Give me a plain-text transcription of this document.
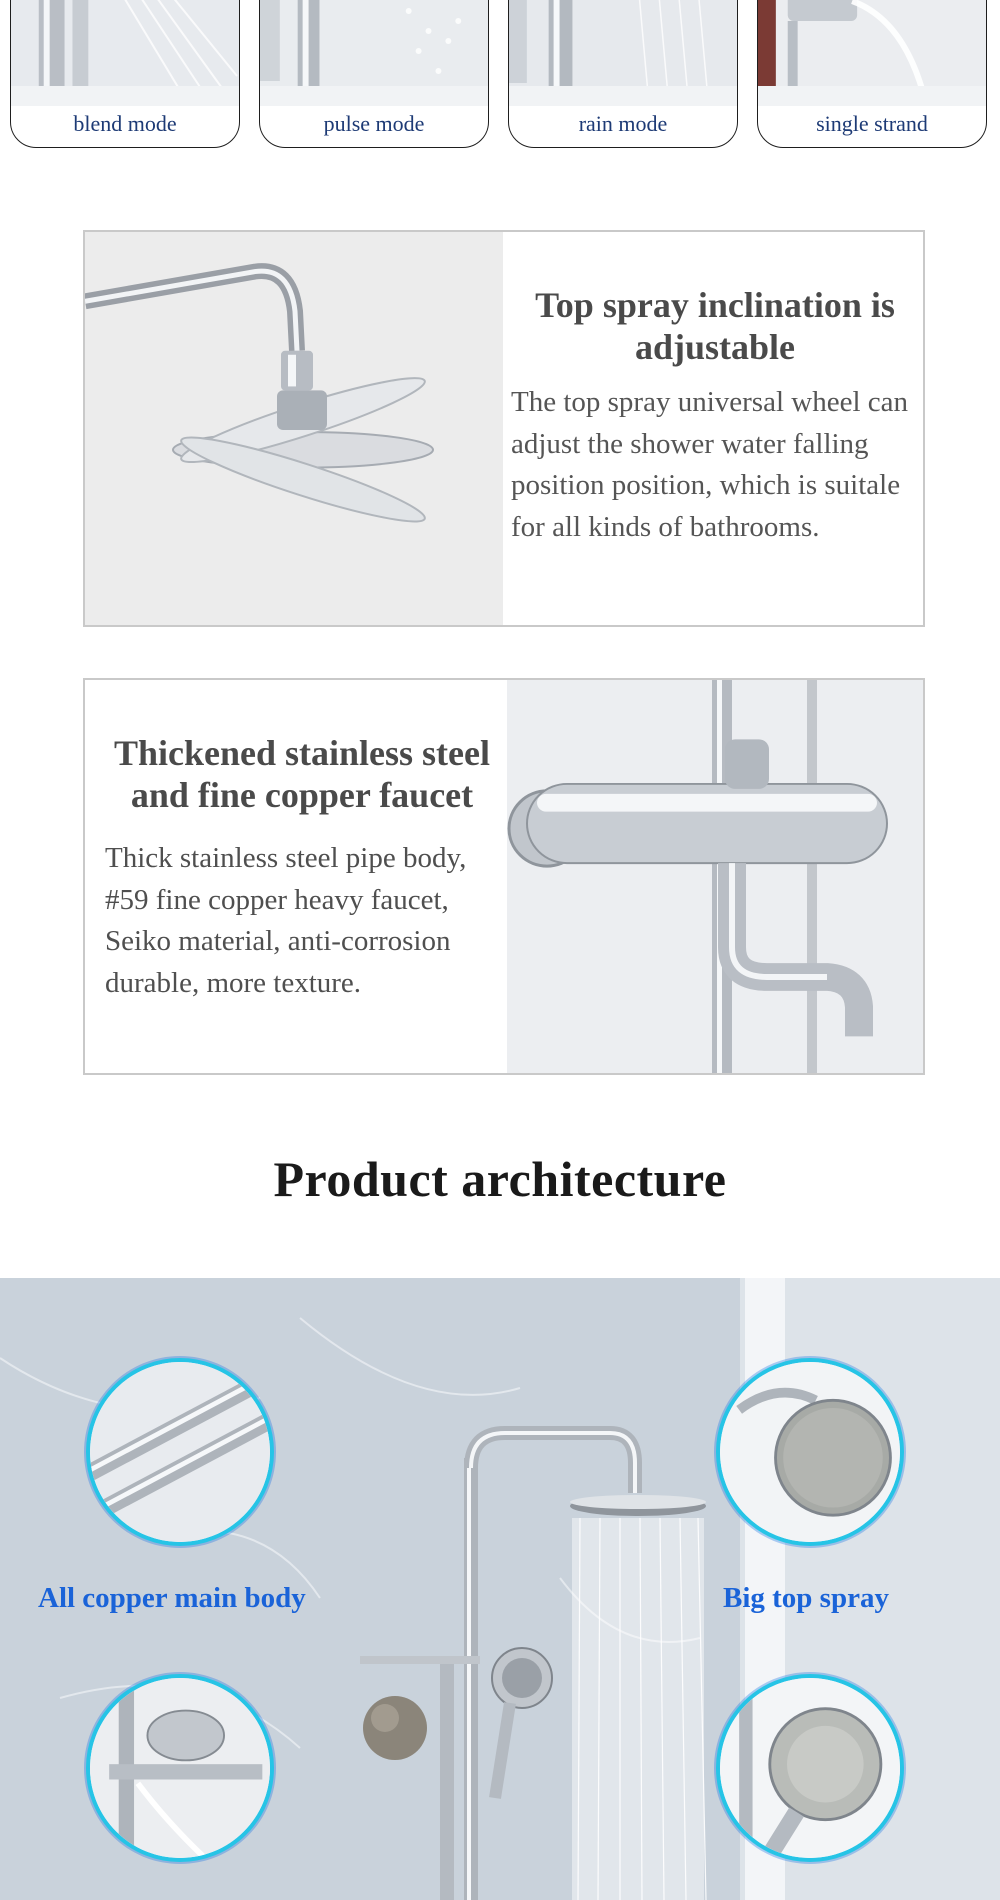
blend mode	pulse mode	rain mode	single strand
Top spray inclination is adjustable
The top spray universal wheel can adjust the shower water falling position position, which is suitale for all kinds of bathrooms.
Thickened stainless steel and fine copper faucet
Thick stainless steel pipe body, #59 fine copper heavy faucet, Seiko material, anti-corrosion durable, more texture.
Product architecture
All copper main body	Big top spray
